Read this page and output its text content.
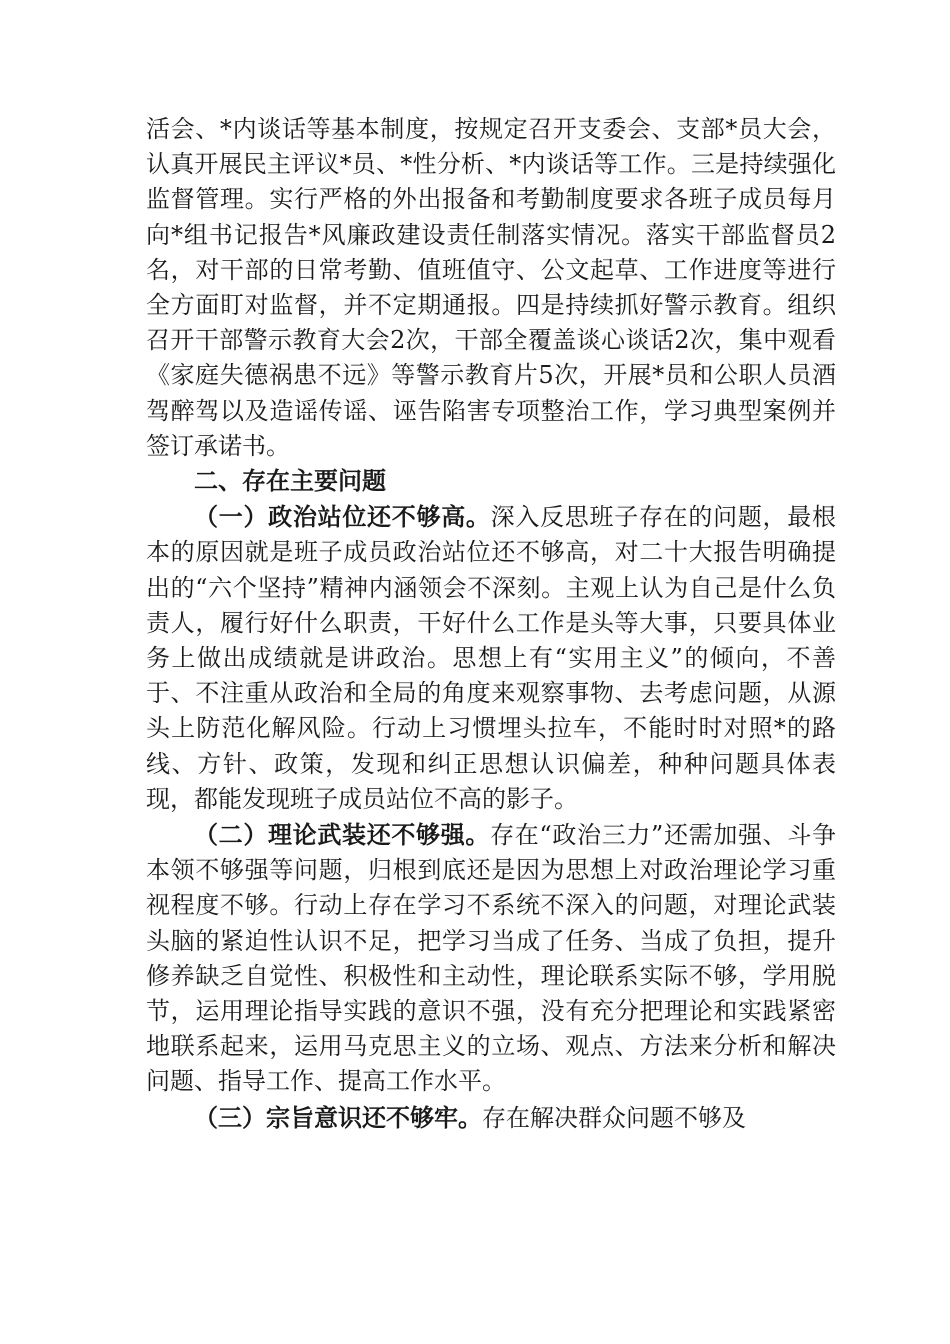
活会、*内谈话等基本制度，按规定召开支委会、支部*员大会，认真开展民主评议*员、*性分析、*内谈话等工作。三是持续强化监督管理。实行严格的外出报备和考勤制度要求各班子成员每月向*组书记报告*风廉政建设责任制落实情况。落实干部监督员2名，对干部的日常考勤、值班值守、公文起草、工作进度等进行全方面盯对监督，并不定期通报。四是持续抓好警示教育。组织召开干部警示教育大会2次，干部全覆盖谈心谈话2次，集中观看《家庭失德祸患不远》等警示教育片5次，开展*员和公职人员酒驾醉驾以及造谣传谣、诬告陷害专项整治工作，学习典型案例并签订承诺书。

二、存在主要问题

（一）政治站位还不够高。深入反思班子存在的问题，最根本的原因就是班子成员政治站位还不够高，对二十大报告明确提出的“六个坚持”精神内涵领会不深刻。主观上认为自己是什么负责人，履行好什么职责，干好什么工作是头等大事，只要具体业务上做出成绩就是讲政治。思想上有“实用主义”的倾向，不善于、不注重从政治和全局的角度来观察事物、去考虑问题，从源头上防范化解风险。行动上习惯埋头拉车，不能时时对照*的路线、方针、政策，发现和纠正思想认识偏差，种种问题具体表现，都能发现班子成员站位不高的影子。

（二）理论武装还不够强。存在“政治三力”还需加强、斗争本领不够强等问题，归根到底还是因为思想上对政治理论学习重视程度不够。行动上存在学习不系统不深入的问题，对理论武装头脑的紧迫性认识不足，把学习当成了任务、当成了负担，提升修养缺乏自觉性、积极性和主动性，理论联系实际不够，学用脱节，运用理论指导实践的意识不强，没有充分把理论和实践紧密地联系起来，运用马克思主义的立场、观点、方法来分析和解决问题、指导工作、提高工作水平。

（三）宗旨意识还不够牢。存在解决群众问题不够及
